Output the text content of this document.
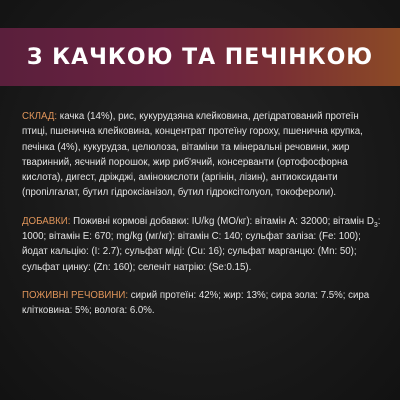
З КАЧКОЮ ТА ПЕЧІНКОЮ

СКЛАД: качка (14%), рис, кукурудзяна клейковина, дегідратований протеїн птиці, пшенична клейковина, концентрат протеїну гороху, пшенична крупка, печінка (4%), кукурудза, целюлоза, вітаміни та мінеральні речовини, жир тваринний, яєчний порошок, жир риб'ячий, консерванти (ортофосфорна кислота), дигест, дріжджі, амінокислоти (аргінін, лізин), антиоксиданти (пропілгалат, бутил гідроксіанізол, бутил гідроксітолуол, токофероли).

ДОБАВКИ: Поживні кормові добавки: IU/kg (МО/кг): вітамін А: 32000; вітамін $D_3$: 1000; вітамін Е: 670; mg/kg (мг/кг): вітамін С: 140; сульфат заліза: (Fe: 100); йодат кальцію: (I: 2.7); сульфат міді: (Cu: 16); сульфат марганцю: (Mn: 50); сульфат цинку: (Zn: 160); селеніт натрію: (Se:0.15).

ПОЖИВНІ РЕЧОВИНИ: сирий протеїн: 42%; жир: 13%; сира зола: 7.5%; сира клітковина: 5%; волога: 6.0%.
